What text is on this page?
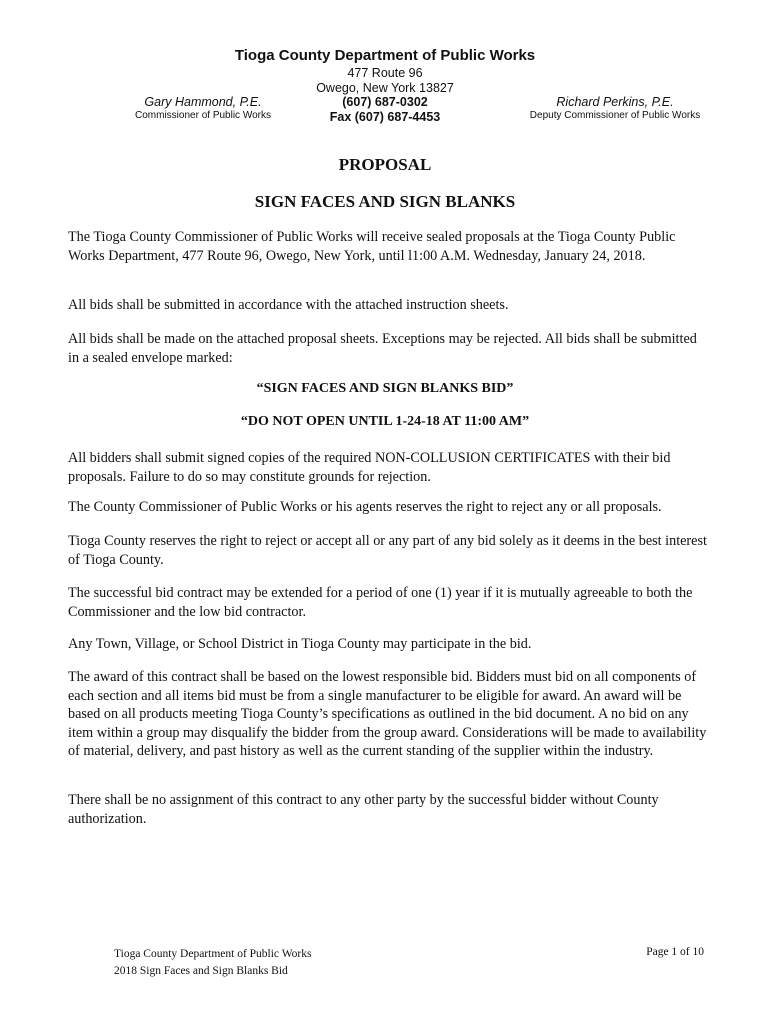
Tioga County Department of Public Works
477 Route 96
Owego, New York 13827
(607) 687-0302
Fax (607) 687-4453
Gary Hammond, P.E.
Commissioner of Public Works
Richard Perkins, P.E.
Deputy Commissioner of Public Works
PROPOSAL
SIGN FACES AND SIGN BLANKS
The Tioga County Commissioner of Public Works will receive sealed proposals at the Tioga County Public Works Department, 477 Route 96, Owego, New York, until l1:00 A.M. Wednesday, January 24, 2018.
All bids shall be submitted in accordance with the attached instruction sheets.
All bids shall be made on the attached proposal sheets. Exceptions may be rejected. All bids shall be submitted in a sealed envelope marked:
“SIGN FACES AND SIGN BLANKS BID”
“DO NOT OPEN UNTIL 1-24-18 AT 11:00 AM”
All bidders shall submit signed copies of the required NON-COLLUSION CERTIFICATES with their bid proposals. Failure to do so may constitute grounds for rejection.
The County Commissioner of Public Works or his agents reserves the right to reject any or all proposals.
Tioga County reserves the right to reject or accept all or any part of any bid solely as it deems in the best interest of Tioga County.
The successful bid contract may be extended for a period of one (1) year if it is mutually agreeable to both the Commissioner and the low bid contractor.
Any Town, Village, or School District in Tioga County may participate in the bid.
The award of this contract shall be based on the lowest responsible bid. Bidders must bid on all components of each section and all items bid must be from a single manufacturer to be eligible for award. An award will be based on all products meeting Tioga County’s specifications as outlined in the bid document. A no bid on any item within a group may disqualify the bidder from the group award. Considerations will be made to availability of material, delivery, and past history as well as the current standing of the supplier within the industry.
There shall be no assignment of this contract to any other party by the successful bidder without County authorization.
Tioga County Department of Public Works
2018 Sign Faces and Sign Blanks Bid
Page 1 of 10
